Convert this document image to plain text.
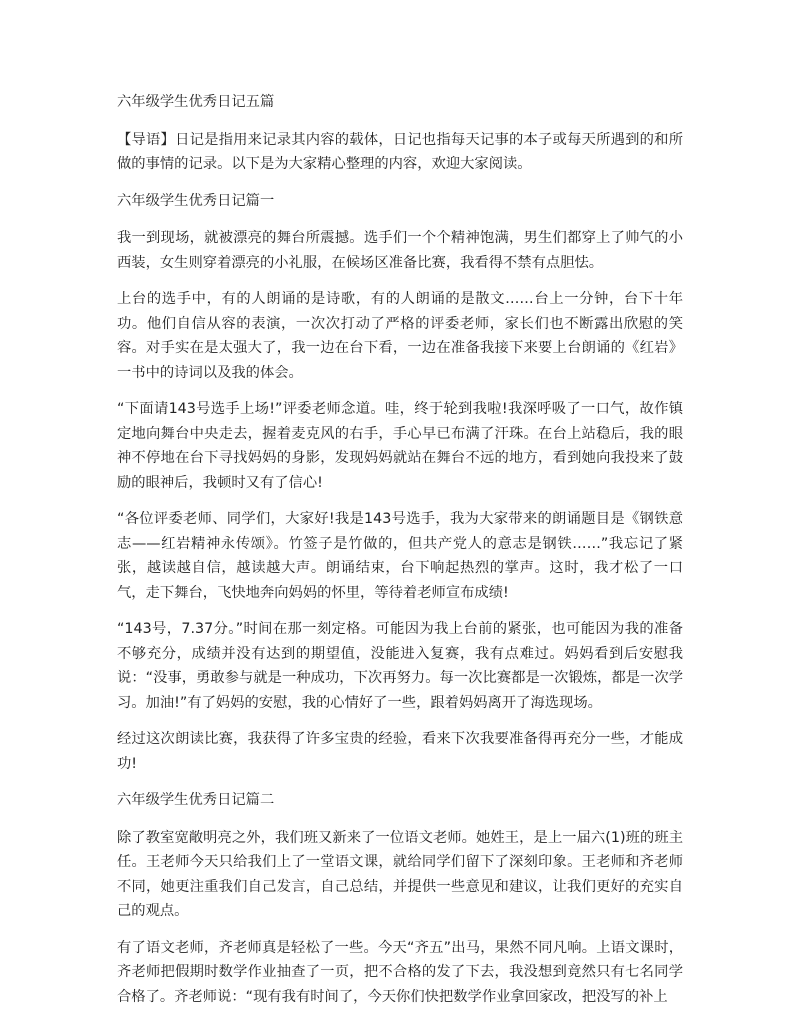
六年级学生优秀日记五篇

【导语】日记是指用来记录其内容的载体，日记也指每天记事的本子或每天所遇到的和所做的事情的记录。以下是为大家精心整理的内容，欢迎大家阅读。

六年级学生优秀日记篇一

我一到现场，就被漂亮的舞台所震撼。选手们一个个精神饱满，男生们都穿上了帅气的小西装，女生则穿着漂亮的小礼服，在候场区准备比赛，我看得不禁有点胆怯。

上台的选手中，有的人朗诵的是诗歌，有的人朗诵的是散文……台上一分钟，台下十年功。他们自信从容的表演，一次次打动了严格的评委老师，家长们也不断露出欣慰的笑容。对手实在是太强大了，我一边在台下看，一边在准备我接下来要上台朗诵的《红岩》一书中的诗词以及我的体会。

“下面请143号选手上场!”评委老师念道。哇，终于轮到我啦!我深呼吸了一口气，故作镇定地向舞台中央走去，握着麦克风的右手，手心早已布满了汗珠。在台上站稳后，我的眼神不停地在台下寻找妈妈的身影，发现妈妈就站在舞台不远的地方，看到她向我投来了鼓励的眼神后，我顿时又有了信心!

“各位评委老师、同学们，大家好!我是143号选手，我为大家带来的朗诵题目是《钢铁意志——红岩精神永传颂》。竹签子是竹做的，但共产党人的意志是钢铁……”我忘记了紧张，越读越自信，越读越大声。朗诵结束，台下响起热烈的掌声。这时，我才松了一口气，走下舞台，飞快地奔向妈妈的怀里，等待着老师宣布成绩!

“143号，7.37分。”时间在那一刻定格。可能因为我上台前的紧张，也可能因为我的准备不够充分，成绩并没有达到的期望值，没能进入复赛，我有点难过。妈妈看到后安慰我说：“没事，勇敢参与就是一种成功，下次再努力。每一次比赛都是一次锻炼，都是一次学习。加油!”有了妈妈的安慰，我的心情好了一些，跟着妈妈离开了海选现场。

经过这次朗读比赛，我获得了许多宝贵的经验，看来下次我要准备得再充分一些，才能成功!

六年级学生优秀日记篇二

除了教室宽敞明亮之外，我们班又新来了一位语文老师。她姓王，是上一届六(1)班的班主任。王老师今天只给我们上了一堂语文课，就给同学们留下了深刻印象。王老师和齐老师不同，她更注重我们自己发言，自己总结，并提供一些意见和建议，让我们更好的充实自己的观点。

有了语文老师，齐老师真是轻松了一些。今天“齐五”出马，果然不同凡响。上语文课时，齐老师把假期时数学作业抽查了一页，把不合格的发了下去，我没想到竟然只有七名同学合格了。齐老师说：“现有我有时间了，今天你们快把数学作业拿回家改，把没写的补上
